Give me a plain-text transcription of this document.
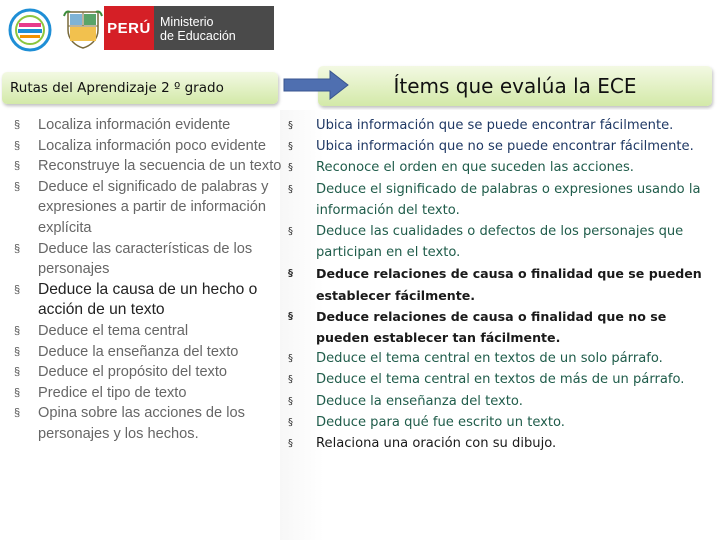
PERÚ Ministerio
de Educación
Rutas del Aprendizaje 2 º grado	Ítems que evalúa la ECE
§ Localiza información evidente
§ Localiza información poco evidente
§ Reconstruye la secuencia de un texto
§ Deduce el significado de palabras y expresiones a partir de información explícita
§ Deduce las características de los personajes
§ Deduce la causa de un hecho o acción de un texto
§ Deduce el tema central
§ Deduce la enseñanza del texto
§ Deduce el propósito del texto
§ Predice el tipo de texto
§ Opina sobre las acciones de los personajes y los hechos.
§ Ubica información que se puede encontrar fácilmente.
§ Ubica información que no se puede encontrar fácilmente.
§ Reconoce el orden en que suceden las acciones.
§ Deduce el significado de palabras o expresiones usando la información del texto.
§ Deduce las cualidades o defectos de los personajes que participan en el texto.
§ Deduce relaciones de causa o finalidad que se pueden establecer fácilmente.
§ Deduce relaciones de causa o finalidad que no se pueden establecer tan fácilmente.
§ Deduce el tema central en textos de un solo párrafo.
§ Deduce el tema central en textos de más de un párrafo.
§ Deduce la enseñanza del texto.
§ Deduce para qué fue escrito un texto.
§ Relaciona una oración con su dibujo.
